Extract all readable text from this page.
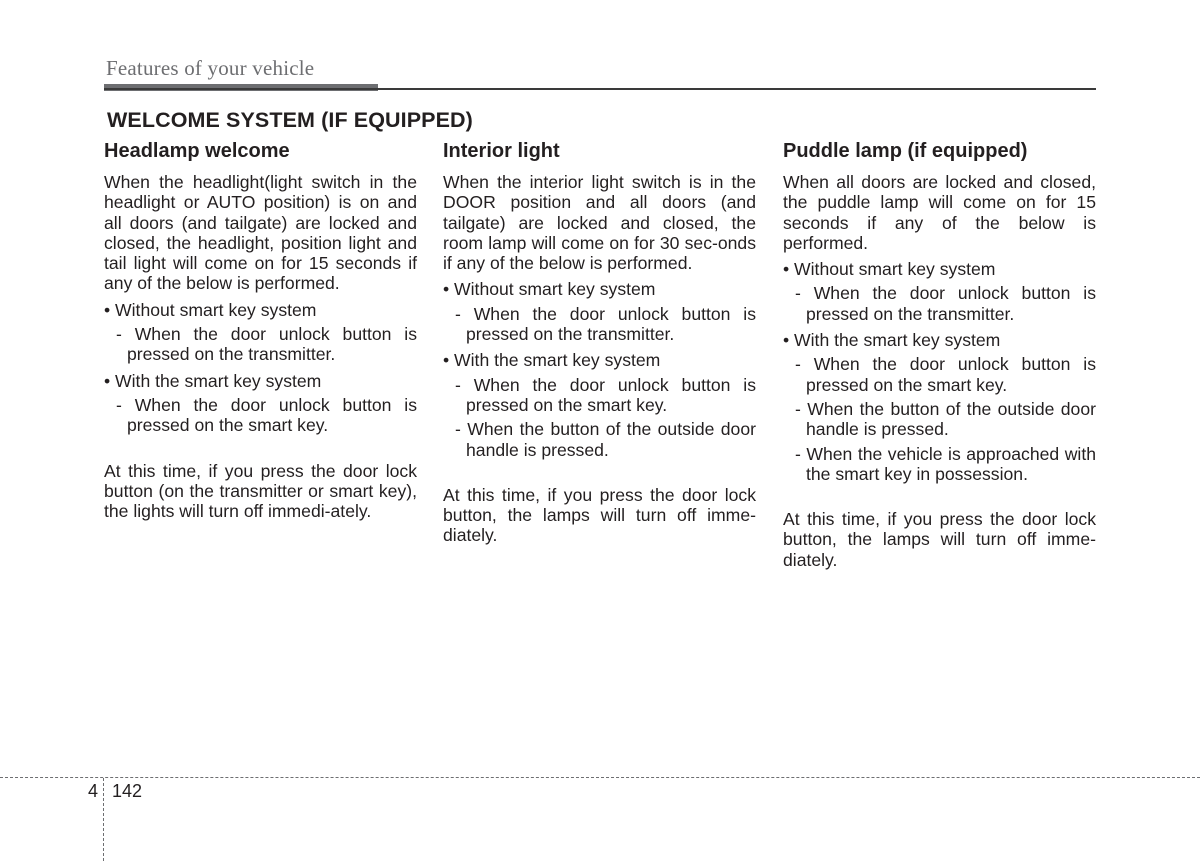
Features of your vehicle
WELCOME SYSTEM (IF EQUIPPED)
Headlamp welcome

When the headlight(light switch in the headlight or AUTO position) is on and all doors (and tailgate) are locked and closed, the headlight, position light and tail light will come on for 15 seconds if any of the below is performed.

• Without smart key system

- When the door unlock button is pressed on the transmitter.

• With the smart key system

- When the door unlock button is pressed on the smart key.

At this time, if you press the door lock button (on the transmitter or smart key), the lights will turn off immedi-ately.

Interior light

When the interior light switch is in the DOOR position and all doors (and tailgate) are locked and closed, the room lamp will come on for 30 sec-onds if any of the below is performed.

• Without smart key system

- When the door unlock button is pressed on the transmitter.

• With the smart key system

- When the door unlock button is pressed on the smart key.

- When the button of the outside door handle is pressed.

At this time, if you press the door lock button, the lamps will turn off imme-diately.

Puddle lamp (if equipped)

When all doors are locked and closed, the puddle lamp will come on for 15 seconds if any of the below is performed.

• Without smart key system

- When the door unlock button is pressed on the transmitter.

• With the smart key system

- When the door unlock button is pressed on the smart key.

- When the button of the outside door handle is pressed.

- When the vehicle is approached with the smart key in possession.

At this time, if you press the door lock button, the lamps will turn off imme-diately.

4 142
